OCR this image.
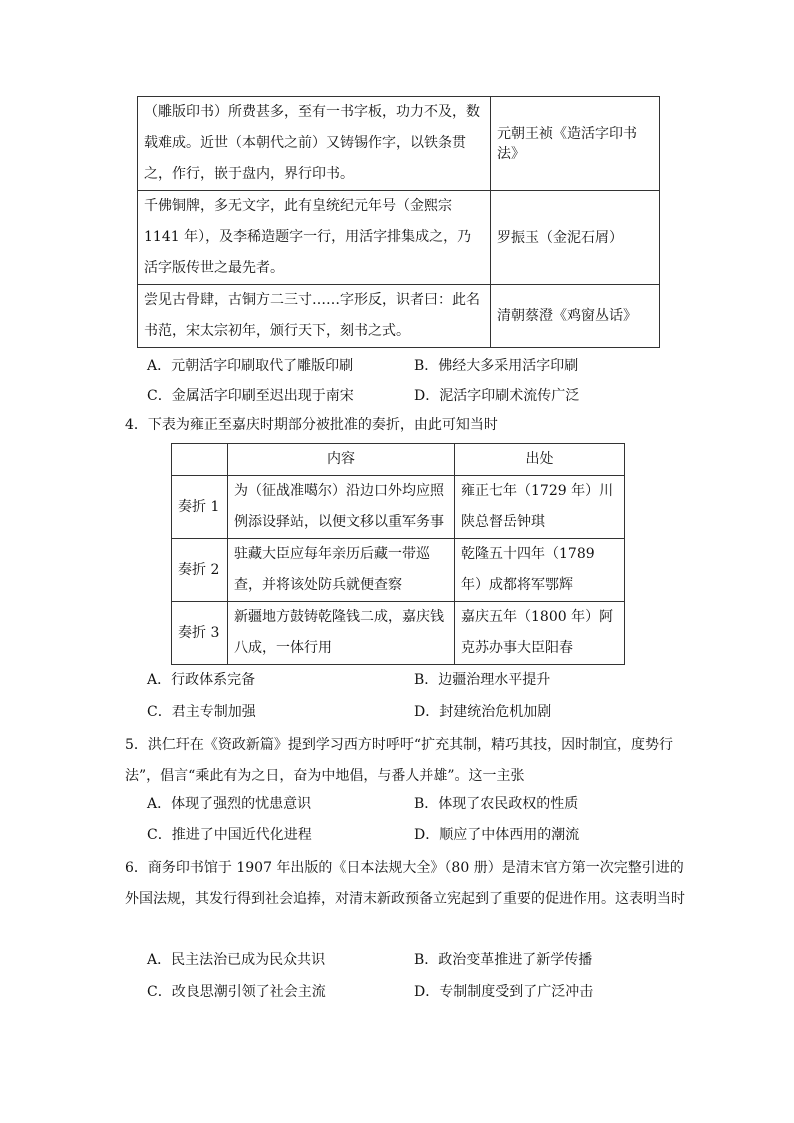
（雕版印书）所费甚多，至有一书字板，功力不及，数载难成。近世（本朝代之前）又铸锡作字，以铁条贯之，作行，嵌于盘内，界行印书。	元朝王祯《造活字印书法》
千佛铜牌，多无文字，此有皇统纪元年号（金熙宗 1141 年），及李稀造题字一行，用活字排集成之，乃活字版传世之最先者。	罗振玉（金泥石屑）
尝见古骨肆，古铜方二三寸……字形反，识者曰：此名书范，宋太宗初年，颁行天下，刻书之式。	清朝蔡澄《鸡窗丛话》
A．元朝活字印刷取代了雕版印刷	B．佛经大多采用活字印刷
C．金属活字印刷至迟出现于南宋	D．泥活字印刷术流传广泛
4．下表为雍正至嘉庆时期部分被批准的奏折，由此可知当时
	内容	出处
奏折 1	为（征战准噶尔）沿边口外均应照例添设驿站，以便文移以重军务事	雍正七年（1729 年）川陕总督岳钟琪
奏折 2	驻藏大臣应每年亲历后藏一带巡查，并将该处防兵就便查察	乾隆五十四年（1789 年）成都将军鄂辉
奏折 3	新疆地方鼓铸乾隆钱二成，嘉庆钱八成，一体行用	嘉庆五年（1800 年）阿克苏办事大臣阳春
A．行政体系完备	B．边疆治理水平提升
C．君主专制加强	D．封建统治危机加剧
5．洪仁玕在《资政新篇》提到学习西方时呼吁“扩充其制，精巧其技，因时制宜，度势行法”，倡言“乘此有为之日，奋为中地倡，与番人并雄”。这一主张
A．体现了强烈的忧患意识	B．体现了农民政权的性质
C．推进了中国近代化进程	D．顺应了中体西用的潮流
6．商务印书馆于 1907 年出版的《日本法规大全》（80 册）是清末官方第一次完整引进的外国法规，其发行得到社会追捧，对清末新政预备立宪起到了重要的促进作用。这表明当时
A．民主法治已成为民众共识	B．政治变革推进了新学传播
C．改良思潮引领了社会主流	D．专制制度受到了广泛冲击
